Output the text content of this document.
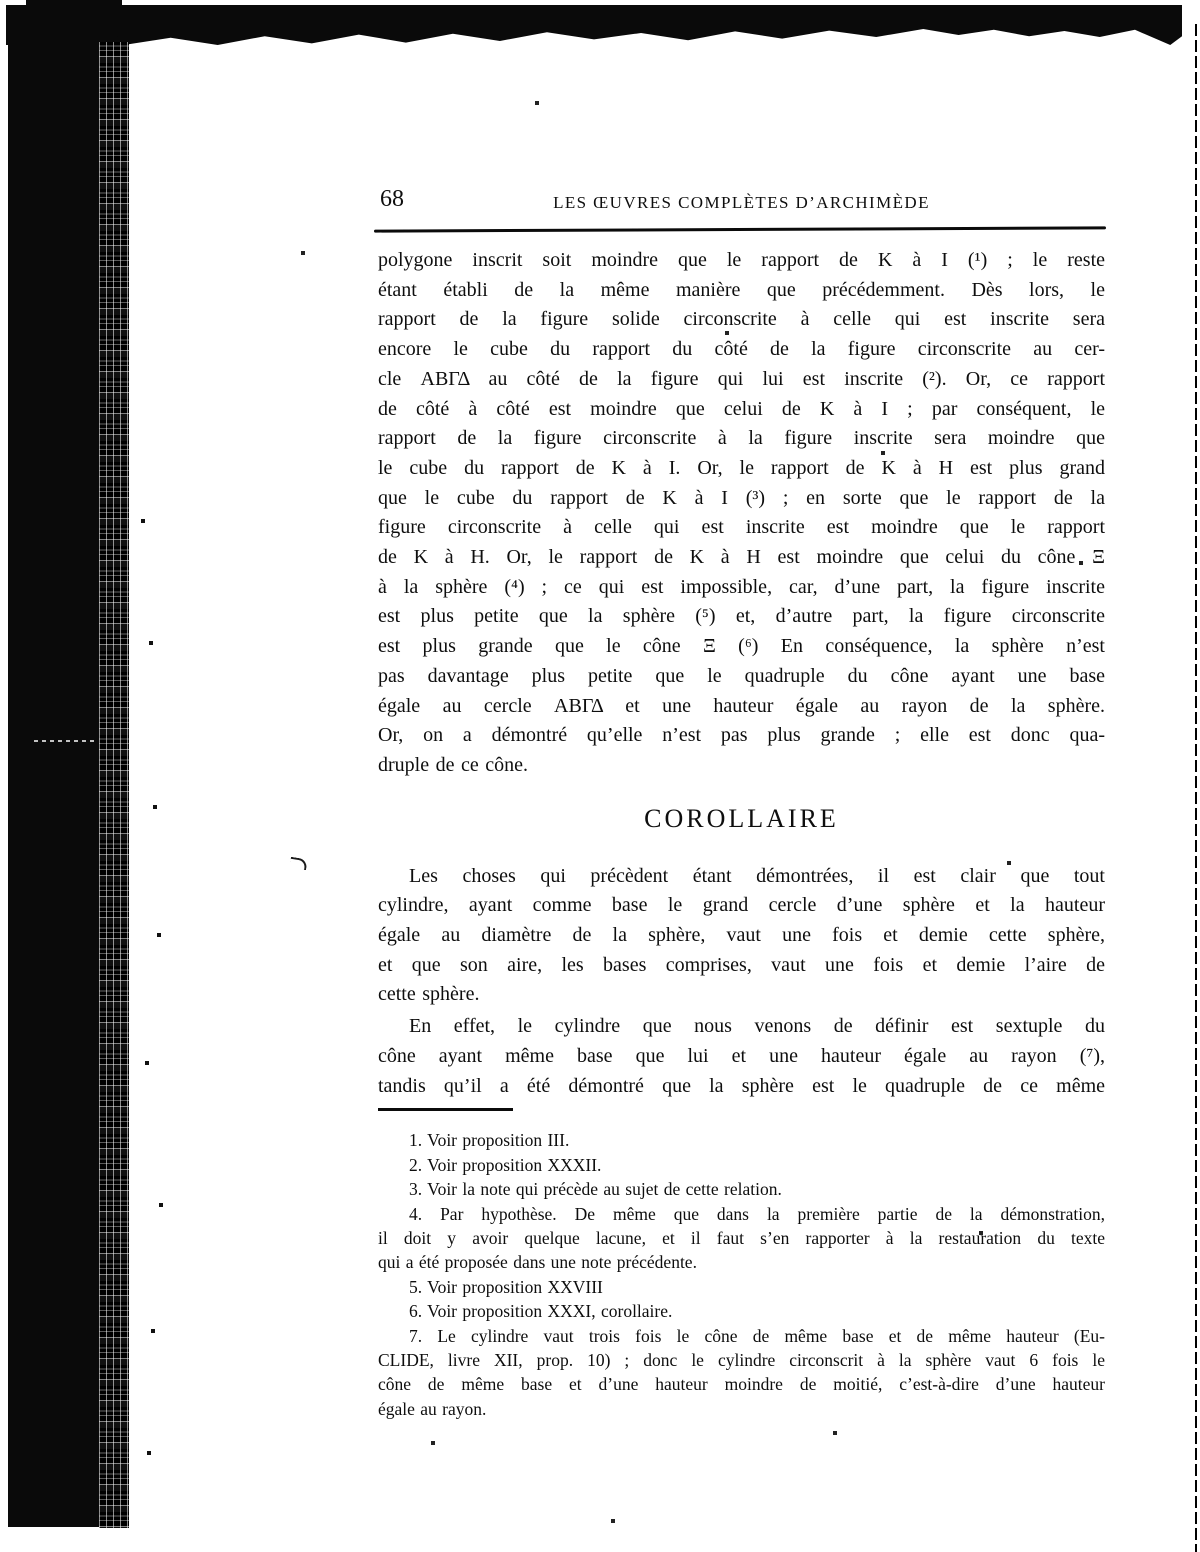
68	LES ŒUVRES COMPLÈTES D’ARCHIMÈDE
polygone inscrit soit moindre que le rapport de K à I (¹) ; le reste
étant établi de la même manière que précédemment. Dès lors, le
rapport de la figure solide circonscrite à celle qui est inscrite sera
encore le cube du rapport du côté de la figure circonscrite au cer-
cle ΑΒΓΔ au côté de la figure qui lui est inscrite (²). Or, ce rapport
de côté à côté est moindre que celui de K à I ; par conséquent, le
rapport de la figure circonscrite à la figure inscrite sera moindre que
le cube du rapport de K à I. Or, le rapport de K à H est plus grand
que le cube du rapport de K à I (³) ; en sorte que le rapport de la
figure circonscrite à celle qui est inscrite est moindre que le rapport
de K à H. Or, le rapport de K à H est moindre que celui du cône Ξ
à la sphère (⁴) ; ce qui est impossible, car, d’une part, la figure inscrite
est plus petite que la sphère (⁵) et, d’autre part, la figure circonscrite
est plus grande que le cône Ξ (⁶) En conséquence, la sphère n’est
pas davantage plus petite que le quadruple du cône ayant une base
égale au cercle ΑΒΓΔ et une hauteur égale au rayon de la sphère.
Or, on a démontré qu’elle n’est pas plus grande ; elle est donc qua-
druple de ce cône.
COROLLAIRE
Les choses qui précèdent étant démontrées, il est clair que tout
cylindre, ayant comme base le grand cercle d’une sphère et la hauteur
égale au diamètre de la sphère, vaut une fois et demie cette sphère,
et que son aire, les bases comprises, vaut une fois et demie l’aire de
cette sphère.
En effet, le cylindre que nous venons de définir est sextuple du
cône ayant même base que lui et une hauteur égale au rayon (⁷),
tandis qu’il a été démontré que la sphère est le quadruple de ce même
1. Voir proposition III.
2. Voir proposition XXXII.
3. Voir la note qui précède au sujet de cette relation.
4. Par hypothèse. De même que dans la première partie de la démonstration,
il doit y avoir quelque lacune, et il faut s’en rapporter à la restauration du texte
qui a été proposée dans une note précédente.
5. Voir proposition XXVIII
6. Voir proposition XXXI, corollaire.
7. Le cylindre vaut trois fois le cône de même base et de même hauteur (Eu-
CLIDE, livre XII, prop. 10) ; donc le cylindre circonscrit à la sphère vaut 6 fois le
cône de même base et d’une hauteur moindre de moitié, c’est-à-dire d’une hauteur
égale au rayon.
